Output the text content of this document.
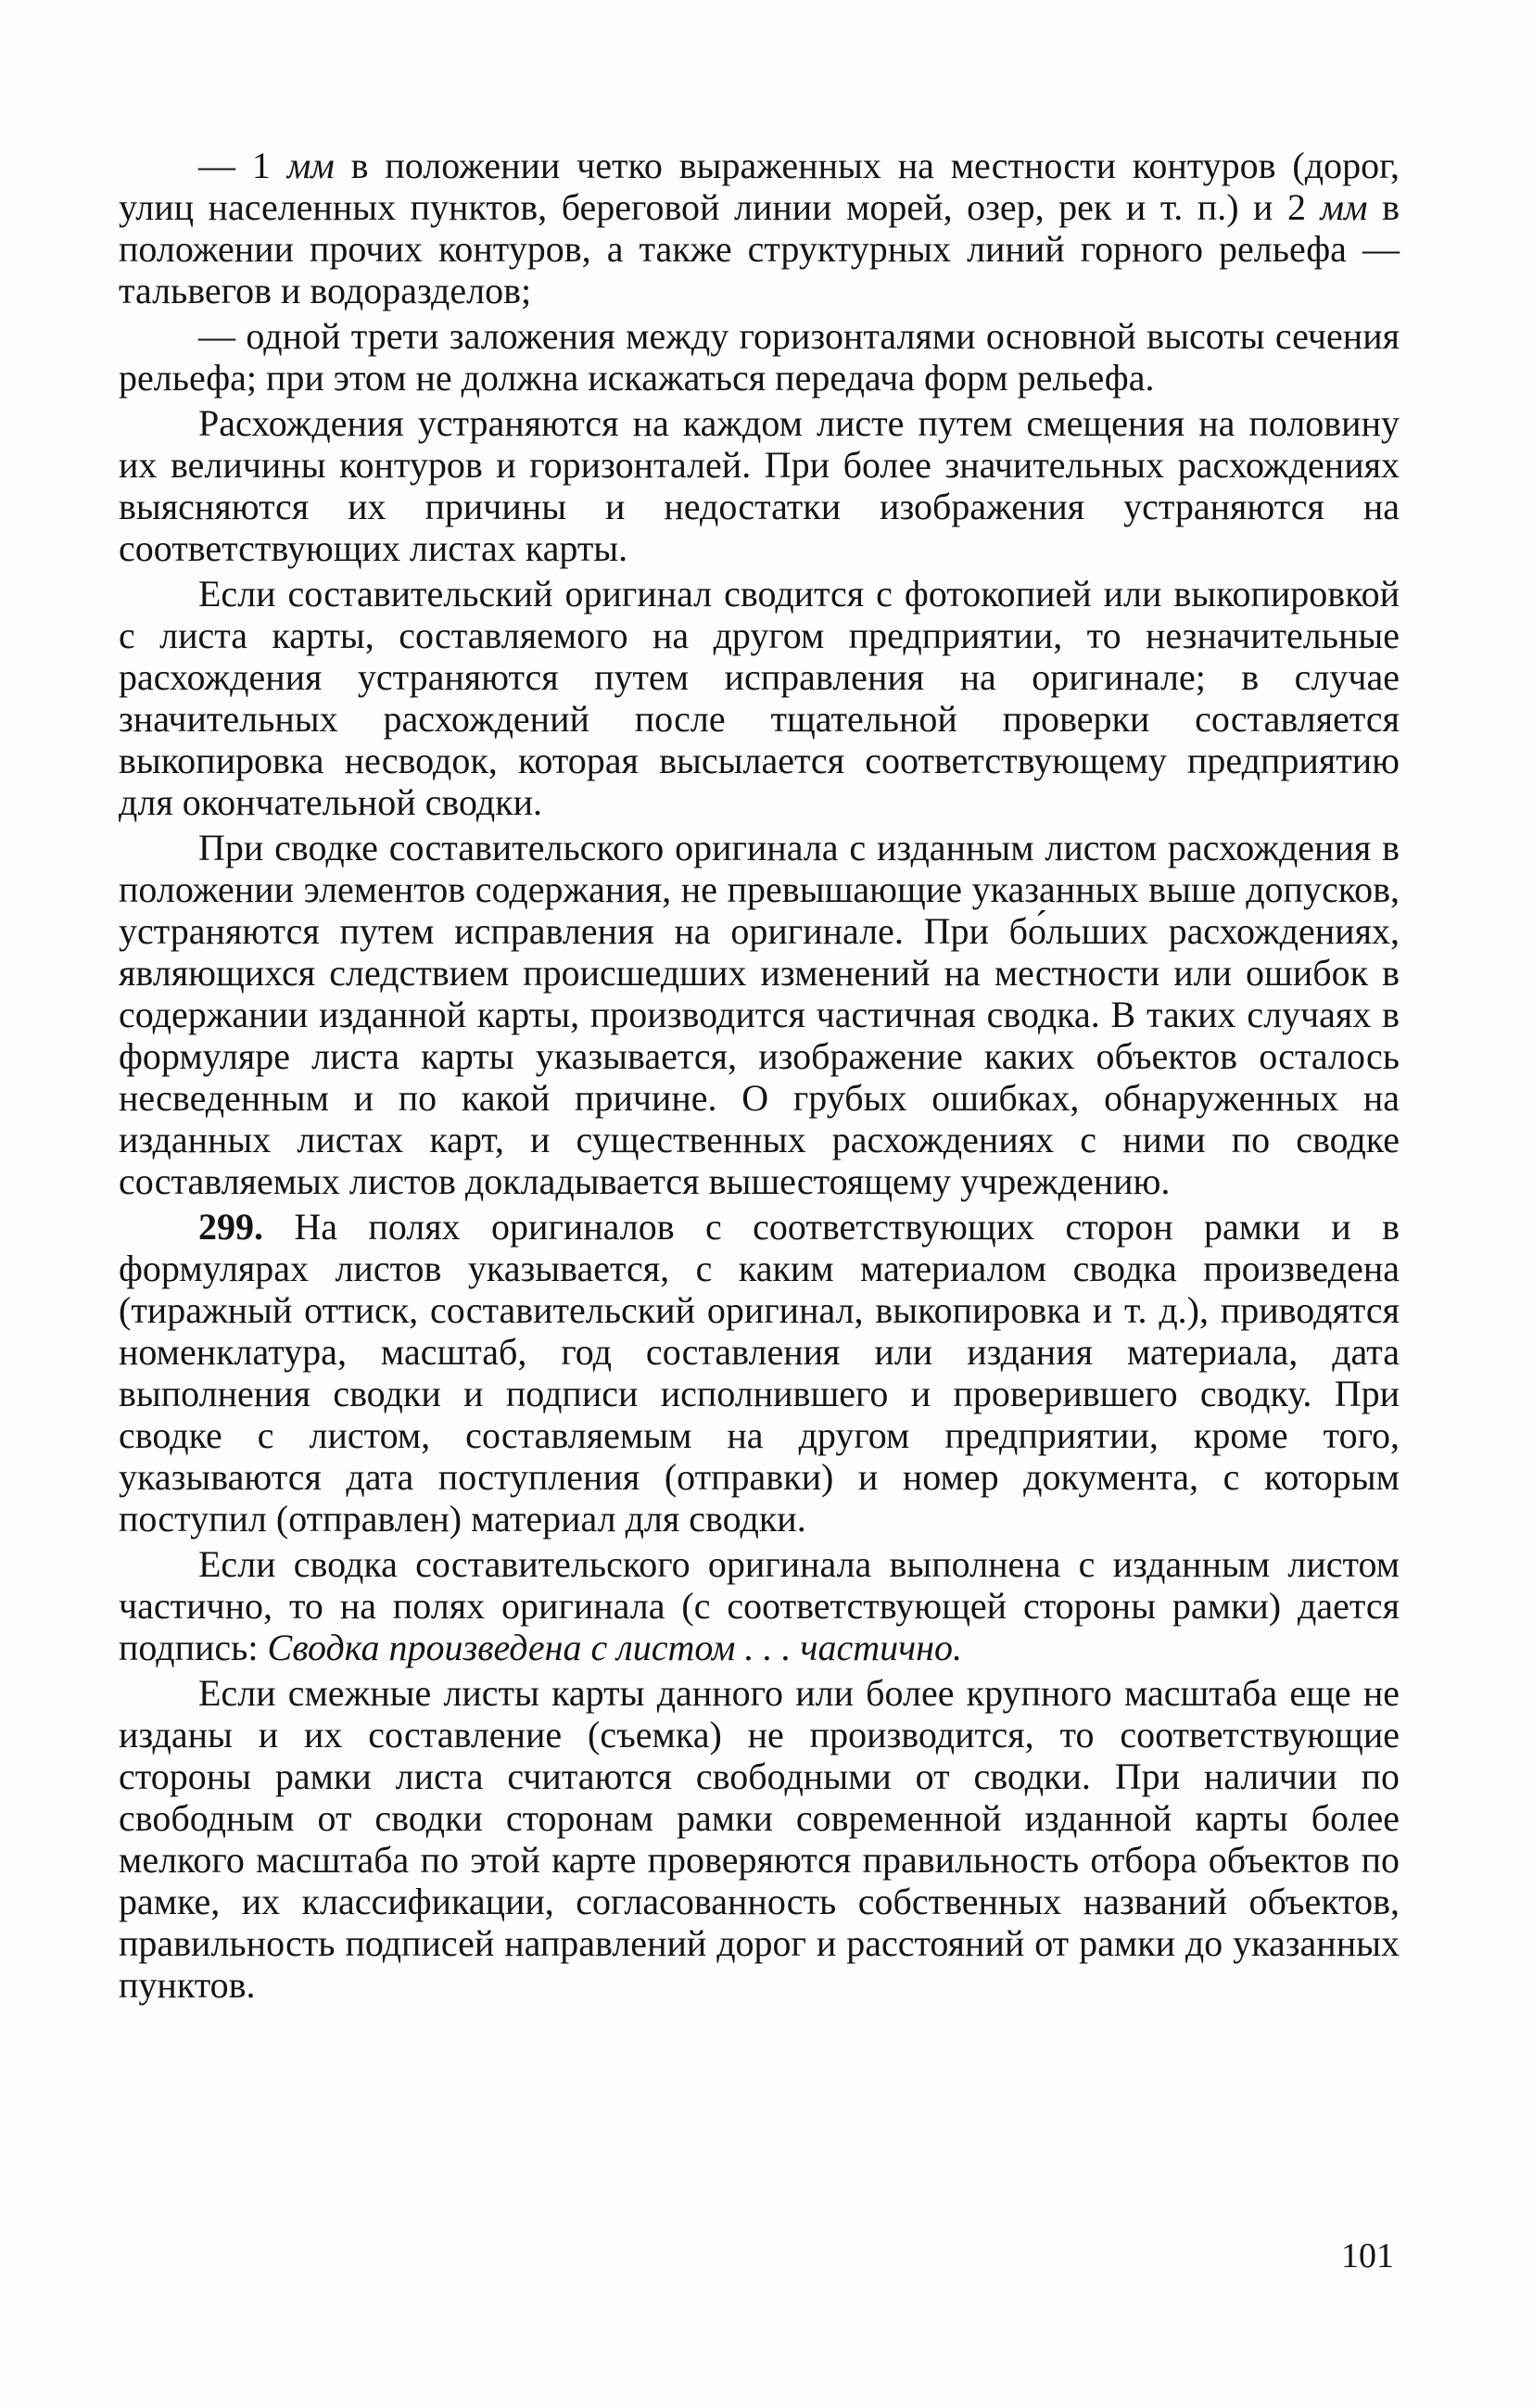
— 1 мм в положении четко выраженных на местности контуров (дорог, улиц населенных пунктов, береговой линии морей, озер, рек и т. п.) и 2 мм в положении прочих контуров, а также структурных линий горного рельефа — тальвегов и водоразделов;

— одной трети заложения между горизонталями основной высоты сечения рельефа; при этом не должна искажаться передача форм рельефа.

Расхождения устраняются на каждом листе путем смещения на половину их величины контуров и горизонталей. При более значительных расхождениях выясняются их причины и недостатки изображения устраняются на соответствующих листах карты.

Если составительский оригинал сводится с фотокопией или выкопировкой с листа карты, составляемого на другом предприятии, то незначительные расхождения устраняются путем исправления на оригинале; в случае значительных расхождений после тщательной проверки составляется выкопировка несводок, которая высылается соответствующему предприятию для окончательной сводки.

При сводке составительского оригинала с изданным листом расхождения в положении элементов содержания, не превышающие указанных выше допусков, устраняются путем исправления на оригинале. При бо́льших расхождениях, являющихся следствием происшедших изменений на местности или ошибок в содержании изданной карты, производится частичная сводка. В таких случаях в формуляре листа карты указывается, изображение каких объектов осталось несведенным и по какой причине. О грубых ошибках, обнаруженных на изданных листах карт, и существенных расхождениях с ними по сводке составляемых листов докладывается вышестоящему учреждению.

299. На полях оригиналов с соответствующих сторон рамки и в формулярах листов указывается, с каким материалом сводка произведена (тиражный оттиск, составительский оригинал, выкопировка и т. д.), приводятся номенклатура, масштаб, год составления или издания материала, дата выполнения сводки и подписи исполнившего и проверившего сводку. При сводке с листом, составляемым на другом предприятии, кроме того, указываются дата поступления (отправки) и номер документа, с которым поступил (отправлен) материал для сводки.

Если сводка составительского оригинала выполнена с изданным листом частично, то на полях оригинала (с соответствующей стороны рамки) дается подпись: Сводка произведена с листом . . . частично.

Если смежные листы карты данного или более крупного масштаба еще не изданы и их составление (съемка) не производится, то соответствующие стороны рамки листа считаются свободными от сводки. При наличии по свободным от сводки сторонам рамки современной изданной карты более мелкого масштаба по этой карте проверяются правильность отбора объектов по рамке, их классификации, согласованность собственных названий объектов, правильность подписей направлений дорог и расстояний от рамки до указанных пунктов.

101
